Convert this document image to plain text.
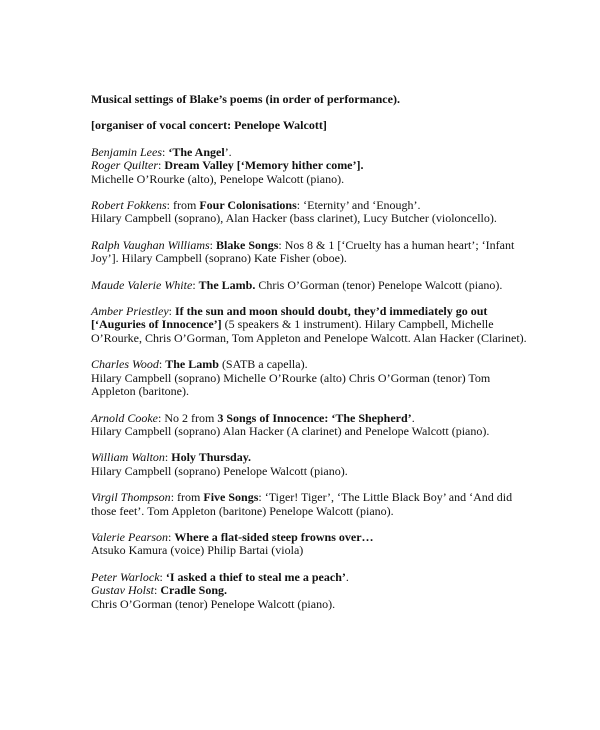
Musical settings of Blake’s poems (in order of performance).
[organiser of vocal concert: Penelope Walcott]
Benjamin Lees: ‘The Angel’.
Roger Quilter: Dream Valley [‘Memory hither come’].
Michelle O’Rourke (alto), Penelope Walcott (piano).
Robert Fokkens: from Four Colonisations: ‘Eternity’ and ‘Enough’.
Hilary Campbell (soprano), Alan Hacker (bass clarinet), Lucy Butcher (violoncello).
Ralph Vaughan Williams: Blake Songs: Nos 8 & 1 [‘Cruelty has a human heart’; ‘Infant
Joy’]. Hilary Campbell (soprano) Kate Fisher (oboe).
Maude Valerie White: The Lamb. Chris O’Gorman (tenor) Penelope Walcott (piano).
Amber Priestley: If the sun and moon should doubt, they’d immediately go out
[‘Auguries of Innocence’] (5 speakers & 1 instrument). Hilary Campbell, Michelle
O’Rourke, Chris O’Gorman, Tom Appleton and Penelope Walcott. Alan Hacker (Clarinet).
Charles Wood: The Lamb (SATB a capella).
Hilary Campbell (soprano) Michelle O’Rourke (alto) Chris O’Gorman (tenor) Tom
Appleton (baritone).
Arnold Cooke: No 2 from 3 Songs of Innocence: ‘The Shepherd’.
Hilary Campbell (soprano) Alan Hacker (A clarinet) and Penelope Walcott (piano).
William Walton: Holy Thursday.
Hilary Campbell (soprano) Penelope Walcott (piano).
Virgil Thompson: from Five Songs: ‘Tiger! Tiger’, ‘The Little Black Boy’ and ‘And did
those feet’. Tom Appleton (baritone) Penelope Walcott (piano).
Valerie Pearson: Where a flat-sided steep frowns over…
Atsuko Kamura (voice) Philip Bartai (viola)
Peter Warlock: ‘I asked a thief to steal me a peach’.
Gustav Holst: Cradle Song.
Chris O’Gorman (tenor) Penelope Walcott (piano).
